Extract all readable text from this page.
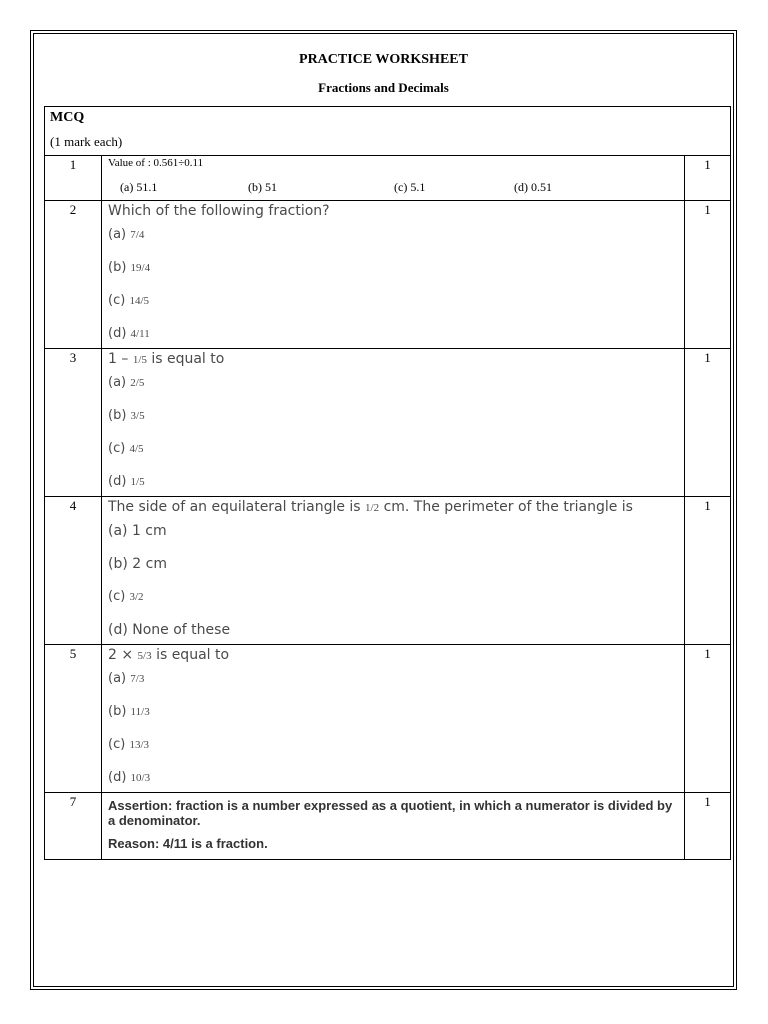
PRACTICE WORKSHEET
Fractions and Decimals
MCQ
(1 mark each)		

1	Value of : 0.561÷0.11
(a) 51.1 (b) 51 (c) 5.1 (d) 0.51	1
2	Which of the following fraction?
(a) 7/4
(b) 19/4
(c) 14/5
(d) 4/11	1
3	1 – 1/5 is equal to
(a) 2/5
(b) 3/5
(c) 4/5
(d) 1/5	1
4	The side of an equilateral triangle is 1/2 cm. The perimeter of the triangle is
(a) 1 cm
(b) 2 cm
(c) 3/2
(d) None of these	1
5	2 × 5/3 is equal to
(a) 7/3
(b) 11/3
(c) 13/3
(d) 10/3	1
7	Assertion: fraction is a number expressed as a quotient, in which a numerator is divided by a denominator.
Reason: 4/11 is a fraction.	1
